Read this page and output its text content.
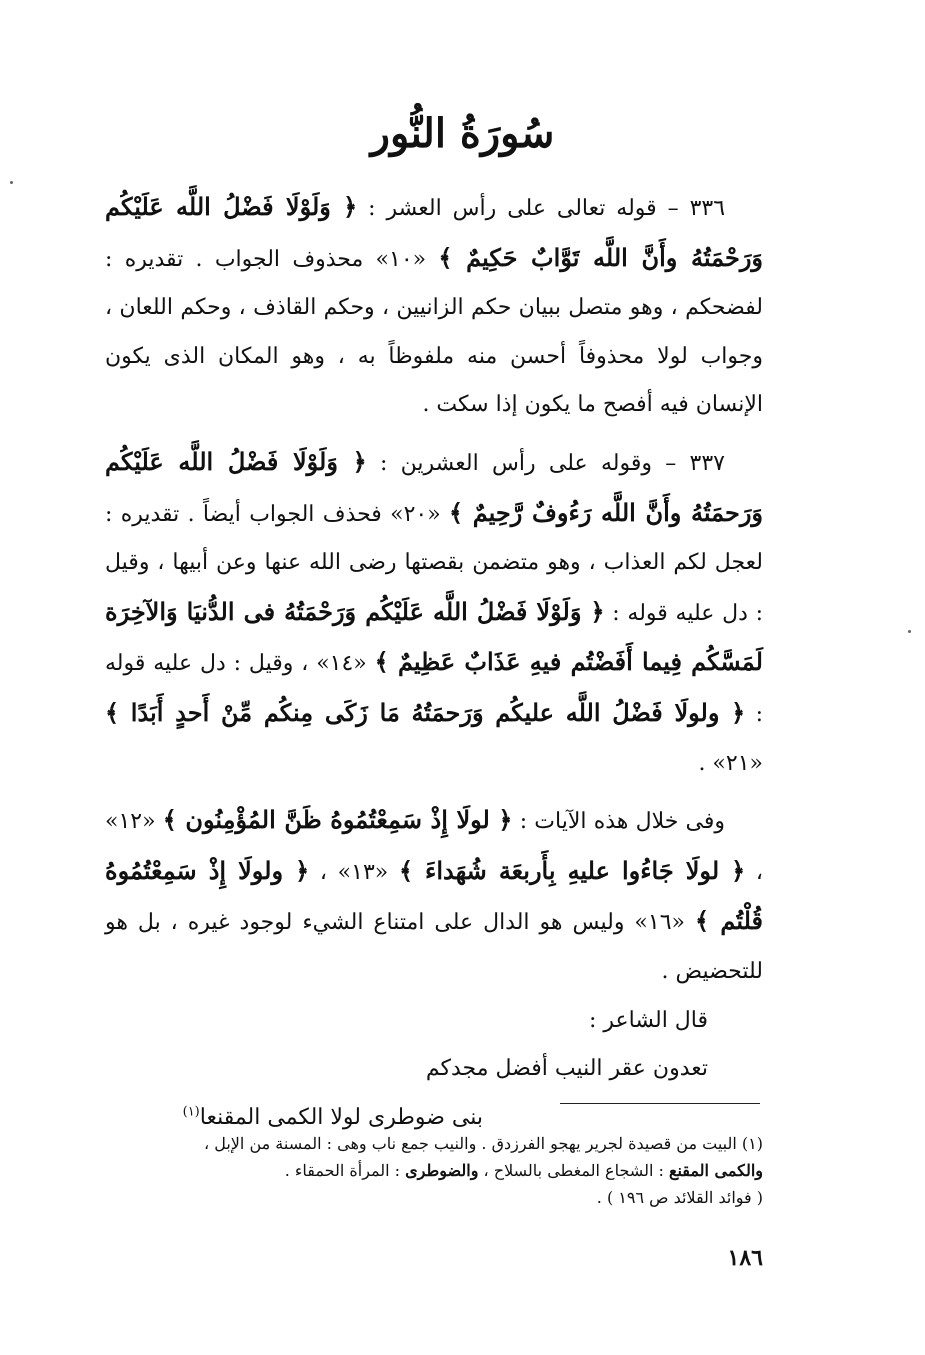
سُورَةُ النُّور

٣٣٦ – قوله تعالى على رأس العشر : ﴿ وَلَوْلَا فَضْلُ اللَّه عَلَيْكُم وَرَحْمَتُهُ وأَنَّ اللَّه تَوَّابٌ حَكِيمٌ ﴾ «١٠» محذوف الجواب . تقديره : لفضحكم ، وهو متصل ببيان حكم الزانيين ، وحكم القاذف ، وحكم اللعان ، وجواب لولا محذوفاً أحسن منه ملفوظاً به ، وهو المكان الذى يكون الإنسان فيه أفصح ما يكون إذا سكت .

٣٣٧ – وقوله على رأس العشرين : ﴿ وَلَوْلَا فَضْلُ اللَّه عَلَيْكُم وَرَحمَتُهُ وأَنَّ اللَّه رَءُوفٌ رَّحِيمٌ ﴾ «٢٠» فحذف الجواب أيضاً . تقديره : لعجل لكم العذاب ، وهو متضمن بقصتها رضى الله عنها وعن أبيها ، وقيل : دل عليه قوله : ﴿ وَلَوْلَا فَضْلُ اللَّه عَلَيْكُم وَرَحْمَتُهُ فى الدُّنيَا وَالآخِرَة لَمَسَّكُم فِيما أَفَضْتُم فيهِ عَذَابٌ عَظِيمٌ ﴾ «١٤» ، وقيل : دل عليه قوله : ﴿ ولولَا فَضْلُ اللَّه عليكُم وَرَحمَتُهُ مَا زَكَى مِنكُم مِّنْ أَحدٍ أَبَدًا ﴾ «٢١» .

وفى خلال هذه الآيات : ﴿ لولَا إِذْ سَمِعْتُمُوهُ ظَنَّ المُؤْمِنُون ﴾ «١٢» ، ﴿ لولَا جَاءُوا عليهِ بِأَربعَة شُهَداءَ ﴾ «١٣» ، ﴿ ولولَا إِذْ سَمِعْتُمُوهُ قُلْتُم ﴾ «١٦» وليس هو الدال على امتناع الشيء لوجود غيره ، بل هو للتحضيض .

قال الشاعر :

تعدون عقر النيب أفضل مجدكم

بنى ضوطرى لولا الكمى المقنعا$^{(١)}$

(١) البيت من قصيدة لجرير يهجو الفرزدق . والنيب جمع ناب وهى : المسنة من الإبل ،

والكمى المقنع : الشجاع المغطى بالسلاح ، والضوطرى : المرأة الحمقاء .

( فوائد القلائد ص ١٩٦ ) .

١٨٦
